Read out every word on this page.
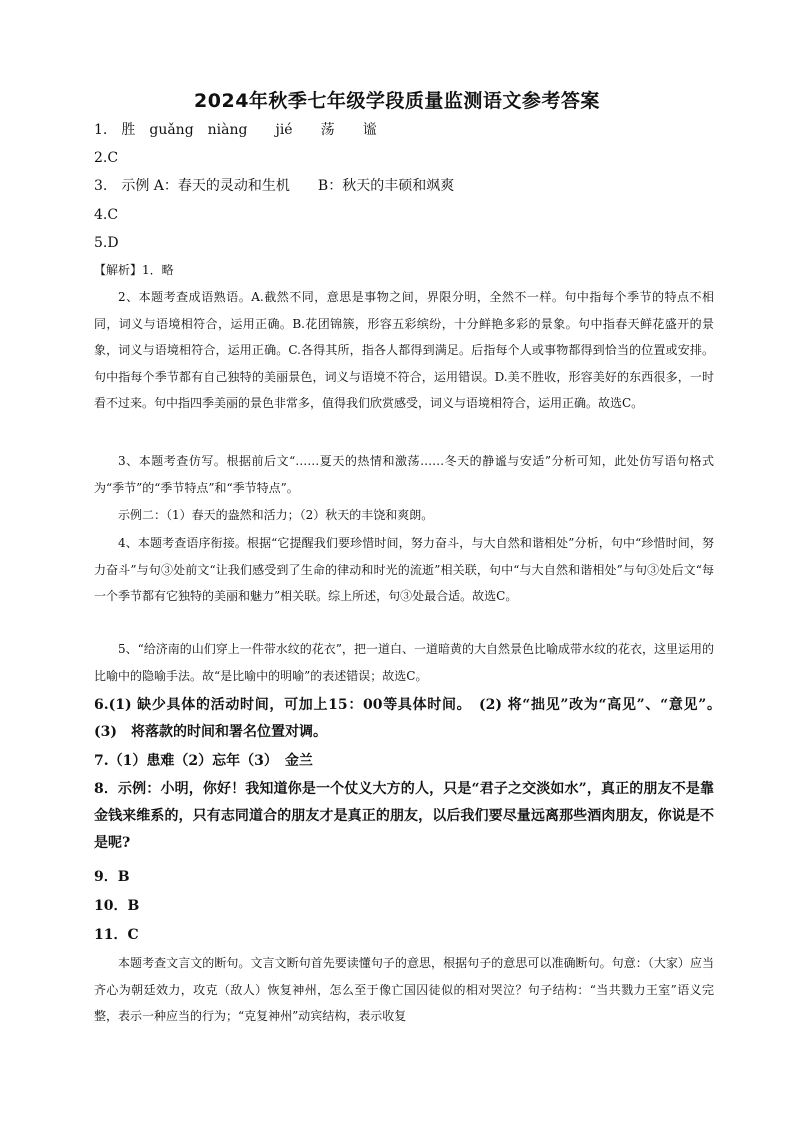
2024年秋季七年级学段质量监测语文参考答案
1.　胜　guǎng　niàng　　jié　　荡　　谧
2.C
3.　示例 A：春天的灵动和生机　　B：秋天的丰硕和飒爽
4.C
5.D
【解析】1．略
2、本题考查成语熟语。A.截然不同，意思是事物之间，界限分明，全然不一样。句中指每个季节的特点不相同，词义与语境相符合，运用正确。B.花团锦簇，形容五彩缤纷，十分鲜艳多彩的景象。句中指春天鲜花盛开的景象，词义与语境相符合，运用正确。C.各得其所，指各人都得到满足。后指每个人或事物都得到恰当的位置或安排。句中指每个季节都有自己独特的美丽景色，词义与语境不符合，运用错误。D.美不胜收，形容美好的东西很多，一时看不过来。句中指四季美丽的景色非常多，值得我们欣赏感受，词义与语境相符合，运用正确。故选C。
3、本题考查仿写。根据前后文“……夏天的热情和激荡……冬天的静谧与安适”分析可知，此处仿写语句格式为“季节”的“季节特点”和“季节特点”。
示例二：（1）春天的盎然和活力；（2）秋天的丰饶和爽朗。
4、本题考查语序衔接。根据“它提醒我们要珍惜时间，努力奋斗，与大自然和谐相处”分析，句中“珍惜时间，努力奋斗”与句③处前文“让我们感受到了生命的律动和时光的流逝”相关联，句中“与大自然和谐相处”与句③处后文“每一个季节都有它独特的美丽和魅力”相关联。综上所述，句③处最合适。故选C。
5、“给济南的山们穿上一件带水纹的花衣”，把一道白、一道暗黄的大自然景色比喻成带水纹的花衣，这里运用的比喻中的隐喻手法。故“是比喻中的明喻”的表述错误；故选C。
6.(1) 缺少具体的活动时间，可加上15：00等具体时间。　(2) 将“拙见”改为“高见”、“意见”。　(3)　将落款的时间和署名位置对调。
7.（1）患难（2）忘年（3）　金兰
8．示例：小明，你好！我知道你是一个仗义大方的人，只是“君子之交淡如水”，真正的朋友不是靠金钱来维系的，只有志同道合的朋友才是真正的朋友，以后我们要尽量远离那些酒肉朋友，你说是不是呢?
9．B
10．B
11．C
本题考查文言文的断句。文言文断句首先要读懂句子的意思，根据句子的意思可以准确断句。句意：（大家）应当齐心为朝廷效力，攻克（敌人）恢复神州，怎么至于像亡国囚徒似的相对哭泣？句子结构：“当共戮力王室”语义完整，表示一种应当的行为；“克复神州”动宾结构，表示收复
